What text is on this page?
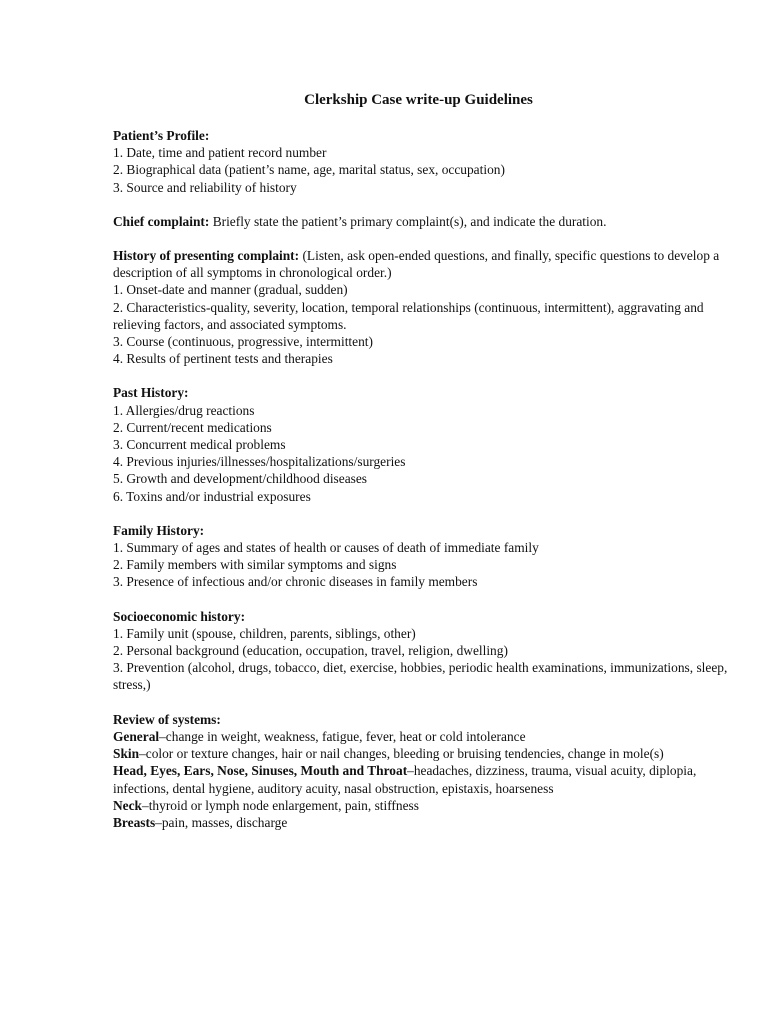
Clerkship Case write-up Guidelines
Patient’s Profile:
1. Date, time and patient record number
2. Biographical data (patient’s name, age, marital status, sex, occupation)
3. Source and reliability of history

Chief complaint: Briefly state the patient’s primary complaint(s), and indicate the duration.

History of presenting complaint: (Listen, ask open-ended questions, and finally, specific questions to develop a description of all symptoms in chronological order.)

1. Onset-date and manner (gradual, sudden)
2. Characteristics-quality, severity, location, temporal relationships (continuous, intermittent), aggravating and relieving factors, and associated symptoms.
3. Course (continuous, progressive, intermittent)
4. Results of pertinent tests and therapies
Past History:
1. Allergies/drug reactions
2. Current/recent medications
3. Concurrent medical problems
4. Previous injuries/illnesses/hospitalizations/surgeries
5. Growth and development/childhood diseases
6. Toxins and/or industrial exposures
Family History:
1. Summary of ages and states of health or causes of death of immediate family
2. Family members with similar symptoms and signs
3. Presence of infectious and/or chronic diseases in family members
Socioeconomic history:
1. Family unit (spouse, children, parents, siblings, other)
2. Personal background (education, occupation, travel, religion, dwelling)
3. Prevention (alcohol, drugs, tobacco, diet, exercise, hobbies, periodic health examinations, immunizations, sleep, stress,)
Review of systems:
General–change in weight, weakness, fatigue, fever, heat or cold intolerance
Skin–color or texture changes, hair or nail changes, bleeding or bruising tendencies, change in mole(s)
Head, Eyes, Ears, Nose, Sinuses, Mouth and Throat–headaches, dizziness, trauma, visual acuity, diplopia, infections, dental hygiene, auditory acuity, nasal obstruction, epistaxis, hoarseness
Neck–thyroid or lymph node enlargement, pain, stiffness
Breasts–pain, masses, discharge
